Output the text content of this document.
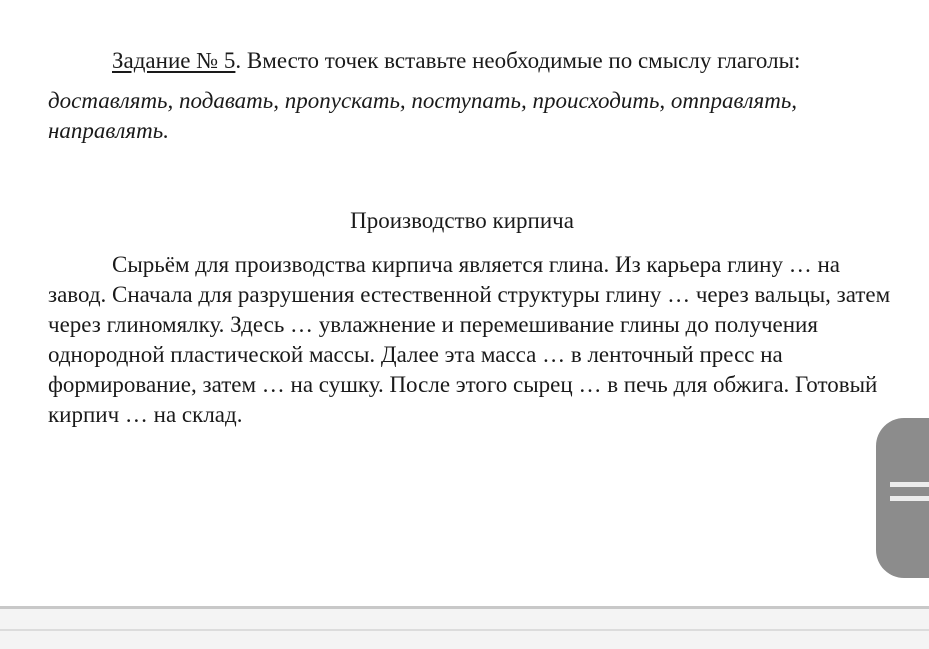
Задание № 5. Вместо точек вставьте необходимые по смыслу глаголы:

доставлять, подавать, пропускать, поступать, происходить, отправлять, направлять.

Производство кирпича

Сырьём для производства кирпича является глина. Из карьера глину … на завод. Сначала для разрушения естественной структуры глину … через вальцы, затем через глиномялку. Здесь … увлажнение и перемешивание глины до получения однородной пластической массы. Далее эта масса … в ленточный пресс на формирование, затем … на сушку. После этого сырец … в печь для обжига. Готовый кирпич … на склад.
